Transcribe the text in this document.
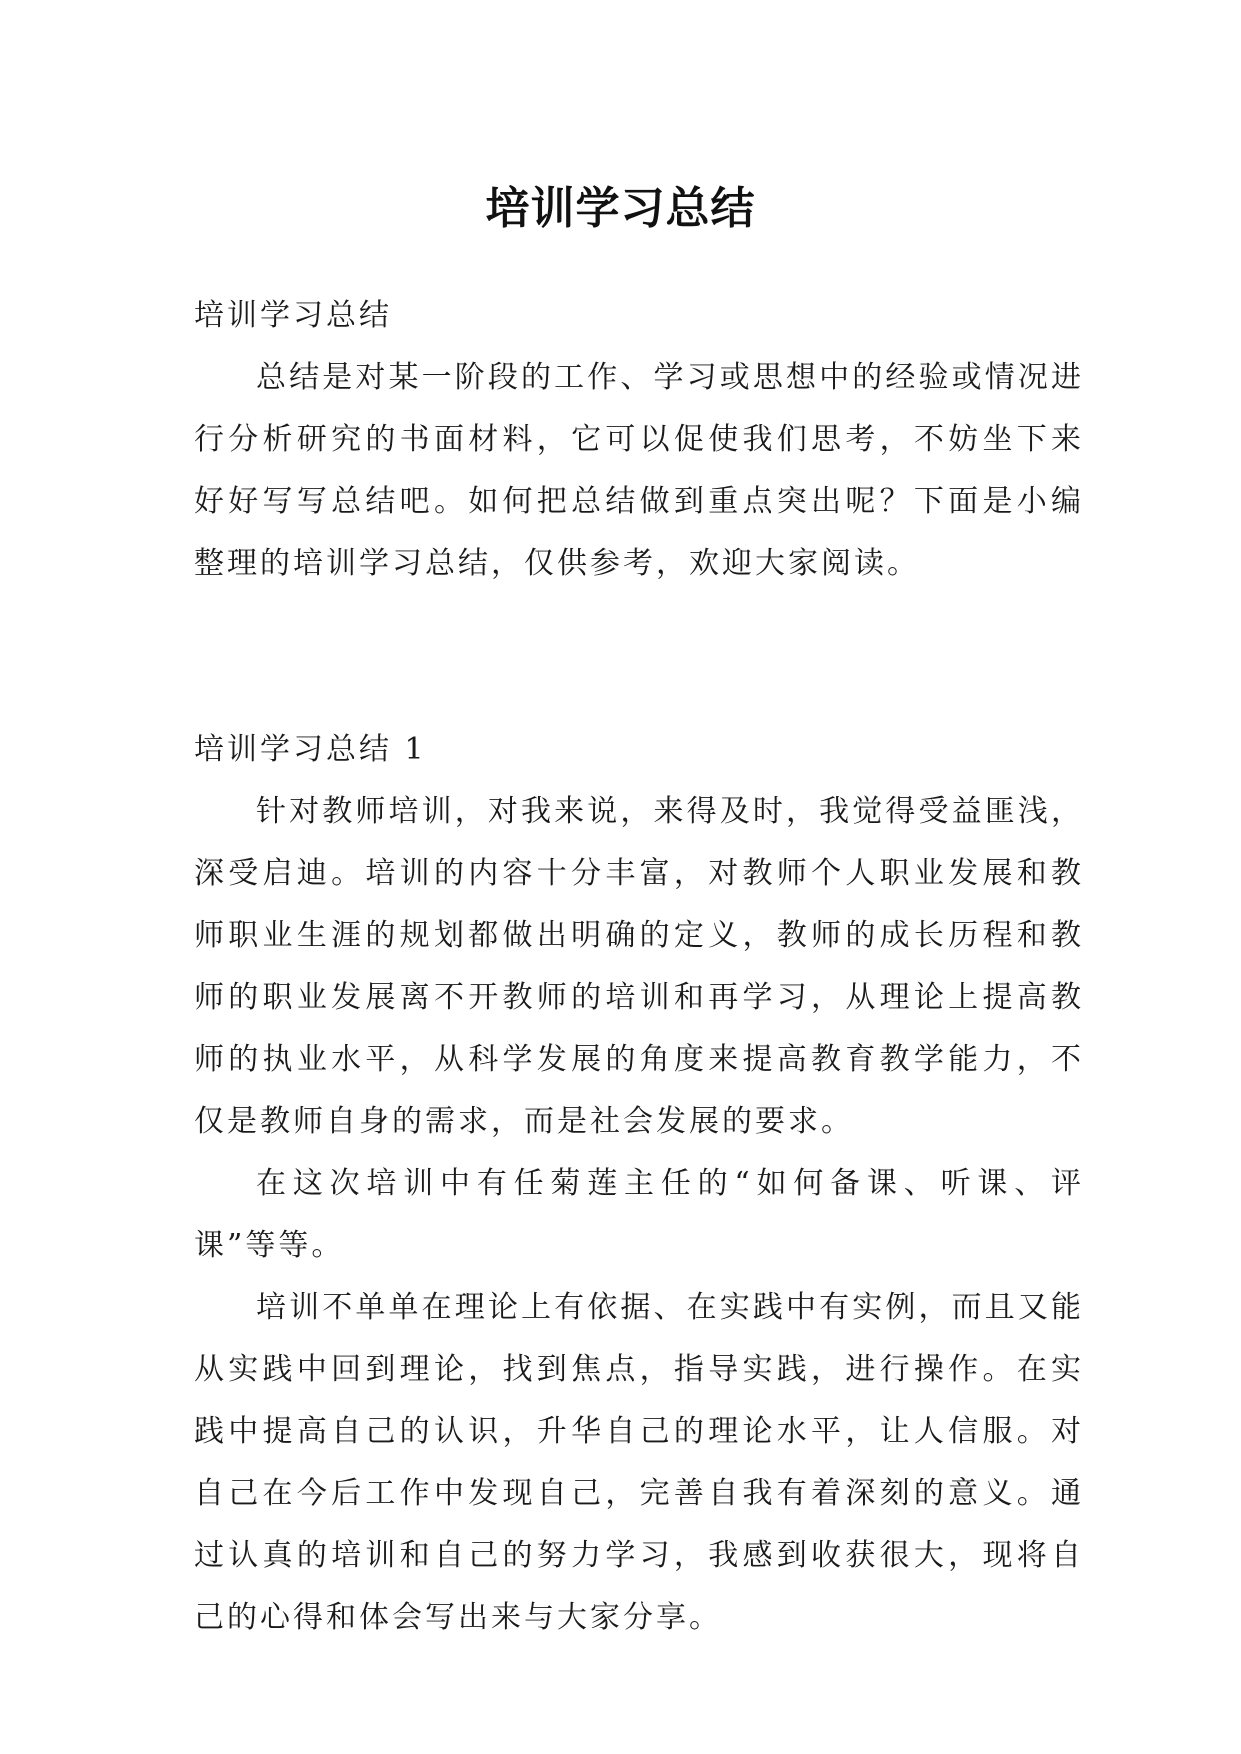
培训学习总结

培训学习总结

总结是对某一阶段的工作、学习或思想中的经验或情况进行分析研究的书面材料，它可以促使我们思考，不妨坐下来好好写写总结吧。如何把总结做到重点突出呢？下面是小编整理的培训学习总结，仅供参考，欢迎大家阅读。

培训学习总结 1

针对教师培训，对我来说，来得及时，我觉得受益匪浅，深受启迪。培训的内容十分丰富，对教师个人职业发展和教师职业生涯的规划都做出明确的定义，教师的成长历程和教师的职业发展离不开教师的培训和再学习，从理论上提高教师的执业水平，从科学发展的角度来提高教育教学能力，不仅是教师自身的需求，而是社会发展的要求。

在这次培训中有任菊莲主任的“如何备课、听课、评课”等等。

培训不单单在理论上有依据、在实践中有实例，而且又能从实践中回到理论，找到焦点，指导实践，进行操作。在实践中提高自己的认识，升华自己的理论水平，让人信服。对自己在今后工作中发现自己，完善自我有着深刻的意义。通过认真的培训和自己的努力学习，我感到收获很大，现将自己的心得和体会写出来与大家分享。
